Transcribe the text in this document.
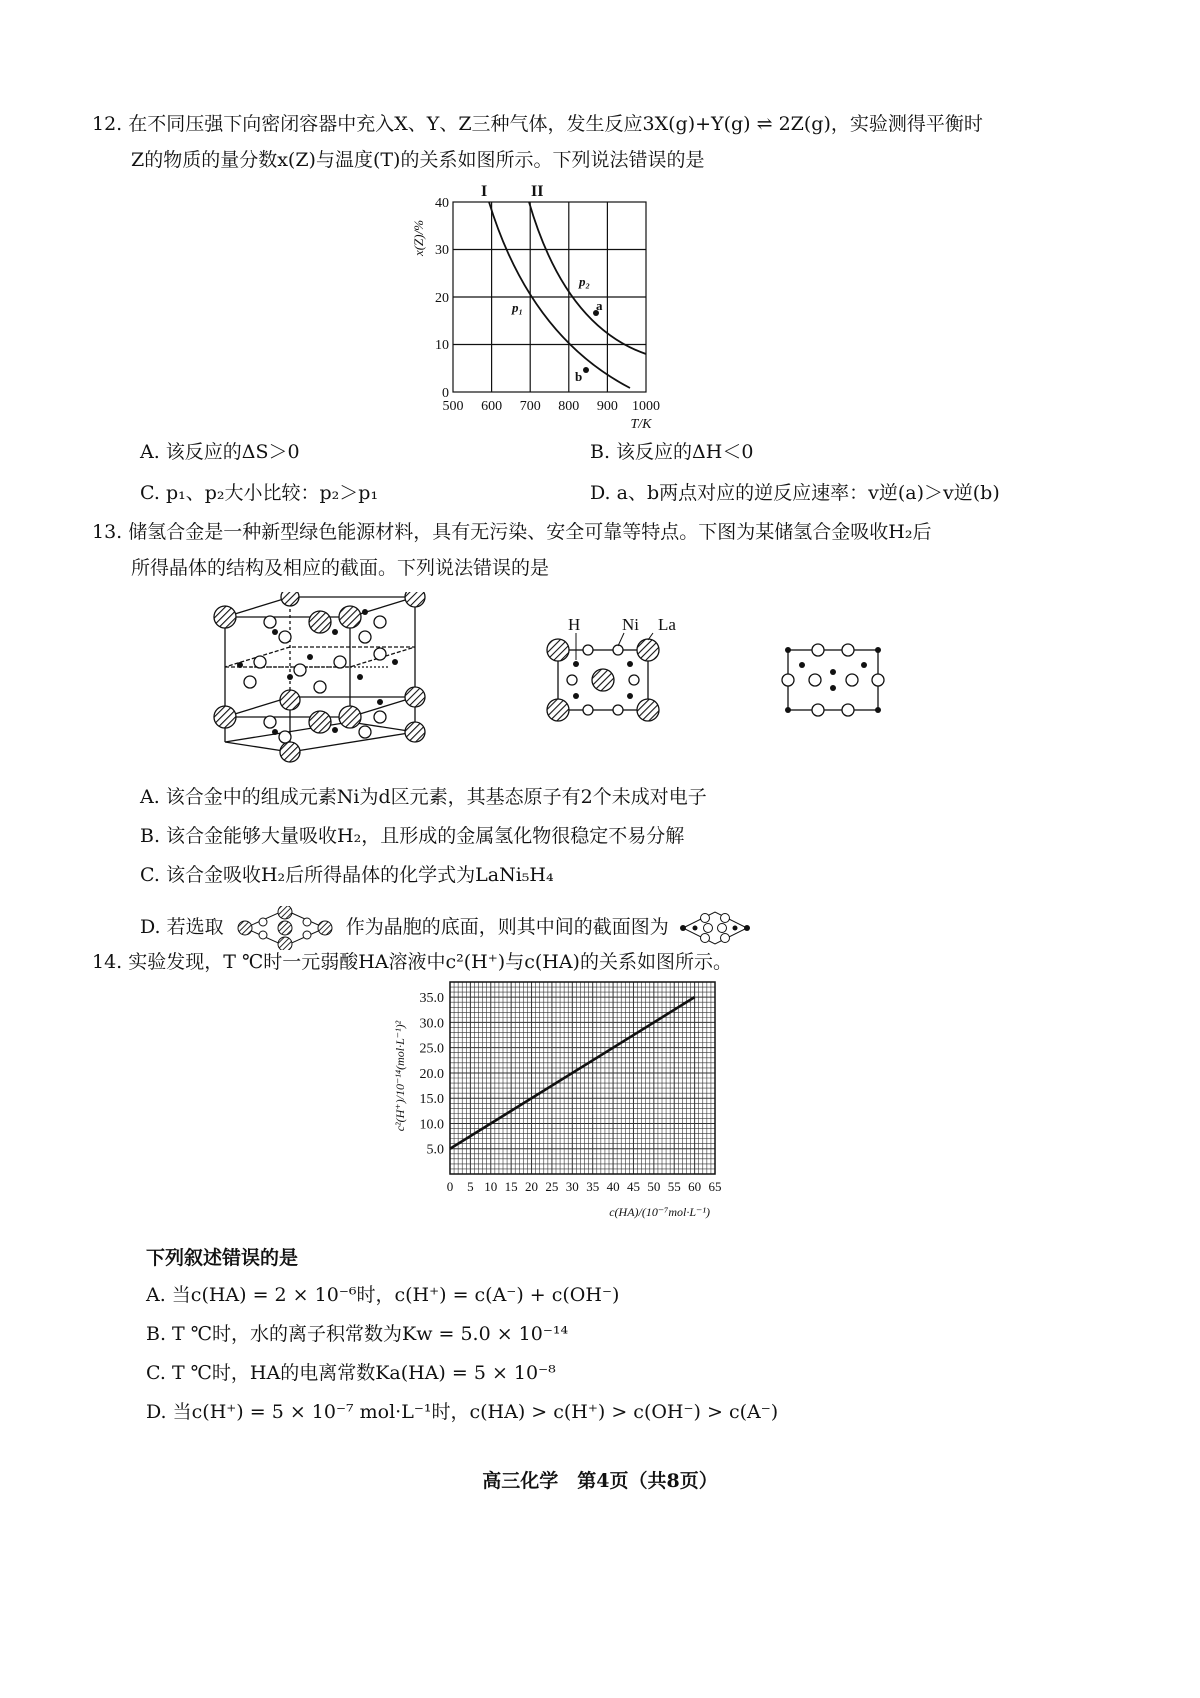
12. 在不同压强下向密闭容器中充入X、Y、Z三种气体，发生反应3X(g)+Y(g) ⇌ 2Z(g)，实验测得平衡时
Z的物质的量分数x(Z)与温度(T)的关系如图所示。下列说法错误的是
I	II
p₁
p₂
a
b
0
10
20
30
40
500 600 700 800 900 1000
T/K
x(Z)/%
A. 该反应的ΔS＞0	B. 该反应的ΔH＜0
C. p₁、p₂大小比较：p₂＞p₁	D. a、b两点对应的逆反应速率：v逆(a)＞v逆(b)
13. 储氢合金是一种新型绿色能源材料，具有无污染、安全可靠等特点。下图为某储氢合金吸收H₂后
所得晶体的结构及相应的截面。下列说法错误的是
H Ni La
A. 该合金中的组成元素Ni为d区元素，其基态原子有2个未成对电子
B. 该合金能够大量吸收H₂，且形成的金属氢化物很稳定不易分解
C. 该合金吸收H₂后所得晶体的化学式为LaNi₅H₄
D. 若选取	作为晶胞的底面，则其中间的截面图为
14. 实验发现，T ℃时一元弱酸HA溶液中c²(H⁺)与c(HA)的关系如图所示。
5.0
10.0
15.0
20.0
25.0
30.0
35.0
0 5 10 15 20 25 30 35 40 45 50 55 60 65
c(HA)/(10⁻⁷mol·L⁻¹)
c²(H⁺)/10⁻¹⁴(mol·L⁻¹)²
下列叙述错误的是
A. 当c(HA) = 2 × 10⁻⁶时，c(H⁺) = c(A⁻) + c(OH⁻)
B. T ℃时，水的离子积常数为Kw = 5.0 × 10⁻¹⁴
C. T ℃时，HA的电离常数Ka(HA) = 5 × 10⁻⁸
D. 当c(H⁺) = 5 × 10⁻⁷ mol·L⁻¹时，c(HA) > c(H⁺) > c(OH⁻) > c(A⁻)
高三化学　第4页（共8页）
